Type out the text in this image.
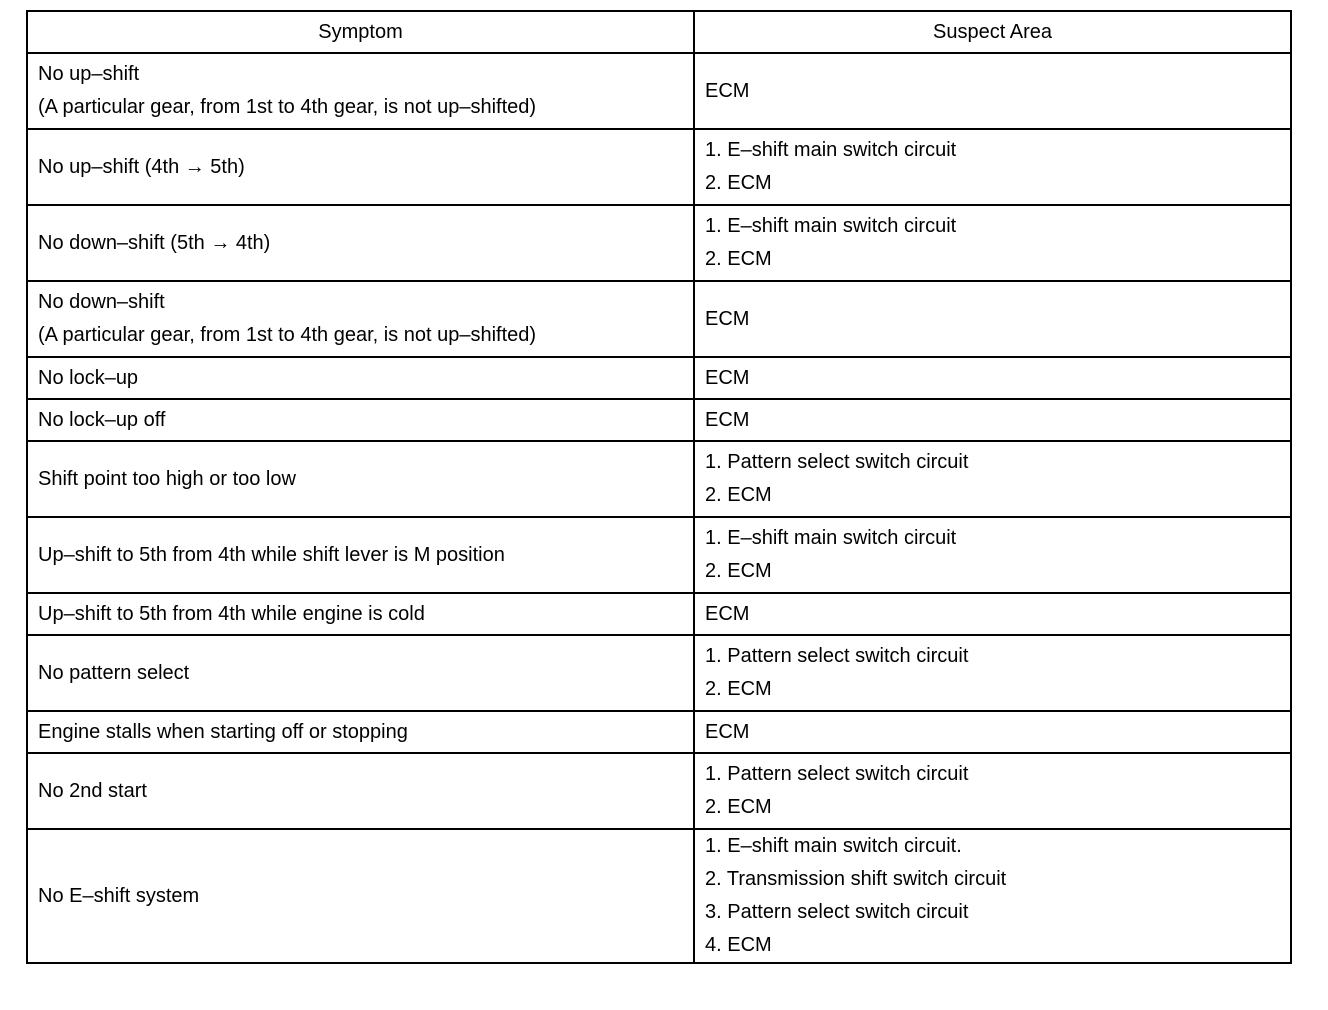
Symptom	Suspect Area

No up–shift
(A particular gear, from 1st to 4th gear, is not up–shifted)	ECM

No up–shift (4th → 5th)	1. E–shift main switch circuit
2. ECM

No down–shift (5th → 4th)	1. E–shift main switch circuit
2. ECM

No down–shift
(A particular gear, from 1st to 4th gear, is not up–shifted)	ECM

No lock–up	ECM

No lock–up off	ECM

Shift point too high or too low	1. Pattern select switch circuit
2. ECM

Up–shift to 5th from 4th while shift lever is M position	1. E–shift main switch circuit
2. ECM

Up–shift to 5th from 4th while engine is cold	ECM

No pattern select	1. Pattern select switch circuit
2. ECM

Engine stalls when starting off or stopping	ECM

No 2nd start	1. Pattern select switch circuit
2. ECM

No E–shift system	1. E–shift main switch circuit.
2. Transmission shift switch circuit
3. Pattern select switch circuit
4. ECM
